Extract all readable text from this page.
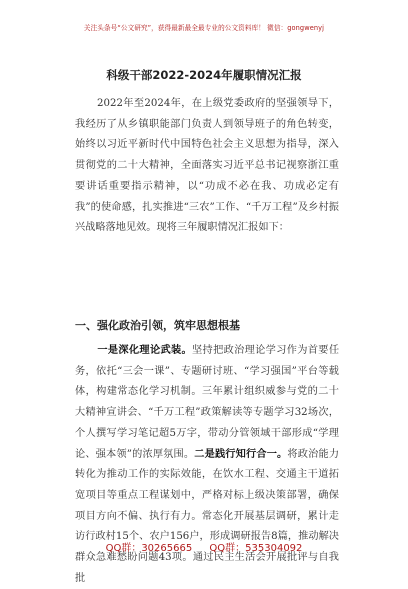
关注头条号“公文研究”，获得最新最全最专业的公文资料库！ 微信：gongwenyj
科级干部2022-2024年履职情况汇报
2022年至2024年，在上级党委政府的坚强领导下，我经历了从乡镇职能部门负责人到领导班子的角色转变，始终以习近平新时代中国特色社会主义思想为指导，深入贯彻党的二十大精神，全面落实习近平总书记视察浙江重要讲话重要指示精神，以“功成不必在我、功成必定有我”的使命感，扎实推进“三农”工作、“千万工程”及乡村振兴战略落地见效。现将三年履职情况汇报如下：
一、强化政治引领，筑牢思想根基
一是深化理论武装。坚持把政治理论学习作为首要任务，依托“三会一课”、专题研讨班、“学习强国”平台等载体，构建常态化学习机制。三年累计组织威参与党的二十大精神宣讲会、“千万工程”政策解读等专题学习32场次，个人撰写学习笔记超5万字，带动分管领域干部形成“学理论、强本领”的浓厚氛围。二是践行知行合一。将政治能力转化为推动工作的实际效能，在饮水工程、交通主干道拓宽项目等重点工程谋划中，严格对标上级决策部署，确保项目方向不偏、执行有力。常态化开展基层调研，累计走访行政村15个、农户156户，形成调研报告8篇，推动解决群众急难愁盼问题43项。通过民主生活会开展批评与自我批
QQ群：30265665 QQ群：535304092
